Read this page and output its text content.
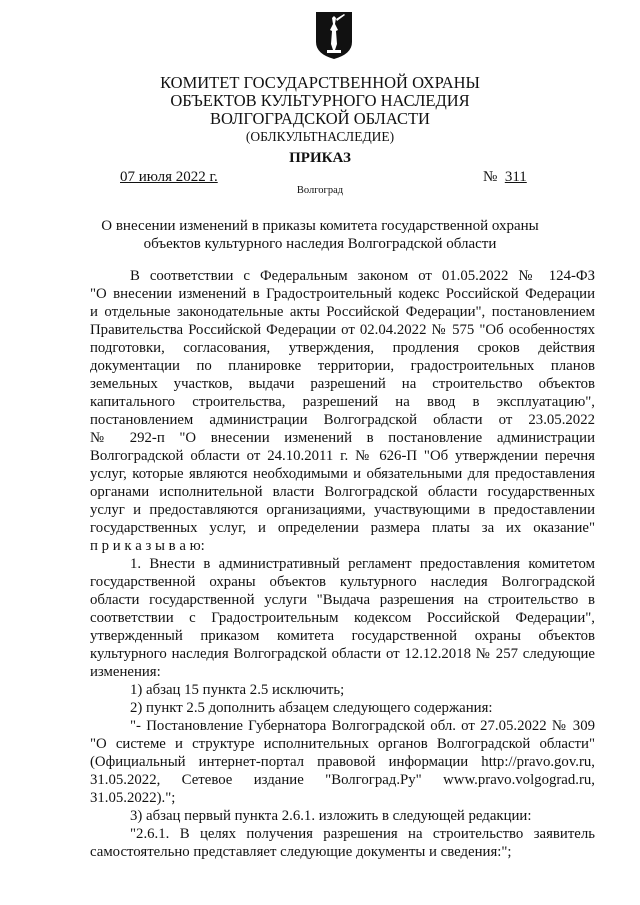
КОМИТЕТ ГОСУДАРСТВЕННОЙ ОХРАНЫ
ОБЪЕКТОВ КУЛЬТУРНОГО НАСЛЕДИЯ
ВОЛГОГРАДСКОЙ ОБЛАСТИ
(ОБЛКУЛЬТНАСЛЕДИЕ)
ПРИКАЗ
07 июля 2022 г.	№ 311
Волгоград
О внесении изменений в приказы комитета государственной охраны
объектов культурного наследия Волгоградской области
В соответствии с Федеральным законом от 01.05.2022 № 124-ФЗ
"О внесении изменений в Градостроительный кодекс Российской Федерации
и отдельные законодательные акты Российской Федерации", постановлением
Правительства Российской Федерации от 02.04.2022 № 575 "Об особенностях
подготовки, согласования, утверждения, продления сроков действия
документации по планировке территории, градостроительных планов
земельных участков, выдачи разрешений на строительство объектов
капитального строительства, разрешений на ввод в эксплуатацию",
постановлением администрации Волгоградской области от 23.05.2022
№ 292-п "О внесении изменений в постановление администрации
Волгоградской области от 24.10.2011 г. № 626-П "Об утверждении перечня
услуг, которые являются необходимыми и обязательными для предоставления
органами исполнительной власти Волгоградской области государственных
услуг и предоставляются организациями, участвующими в предоставлении
государственных услуг, и определении размера платы за их оказание"
п р и к а з ы в а ю:
1. Внести в административный регламент предоставления комитетом
государственной охраны объектов культурного наследия Волгоградской
области государственной услуги "Выдача разрешения на строительство в
соответствии с Градостроительным кодексом Российской Федерации",
утвержденный приказом комитета государственной охраны объектов
культурного наследия Волгоградской области от 12.12.2018 № 257 следующие
изменения:
1) абзац 15 пункта 2.5 исключить;
2) пункт 2.5 дополнить абзацем следующего содержания:
"- Постановление Губернатора Волгоградской обл. от 27.05.2022 № 309
"О системе и структуре исполнительных органов Волгоградской области"
(Официальный интернет-портал правовой информации http://pravo.gov.ru,
31.05.2022, Сетевое издание "Волгоград.Ру" www.pravo.volgograd.ru,
31.05.2022).";
3) абзац первый пункта 2.6.1. изложить в следующей редакции:
"2.6.1. В целях получения разрешения на строительство заявитель
самостоятельно представляет следующие документы и сведения:";
